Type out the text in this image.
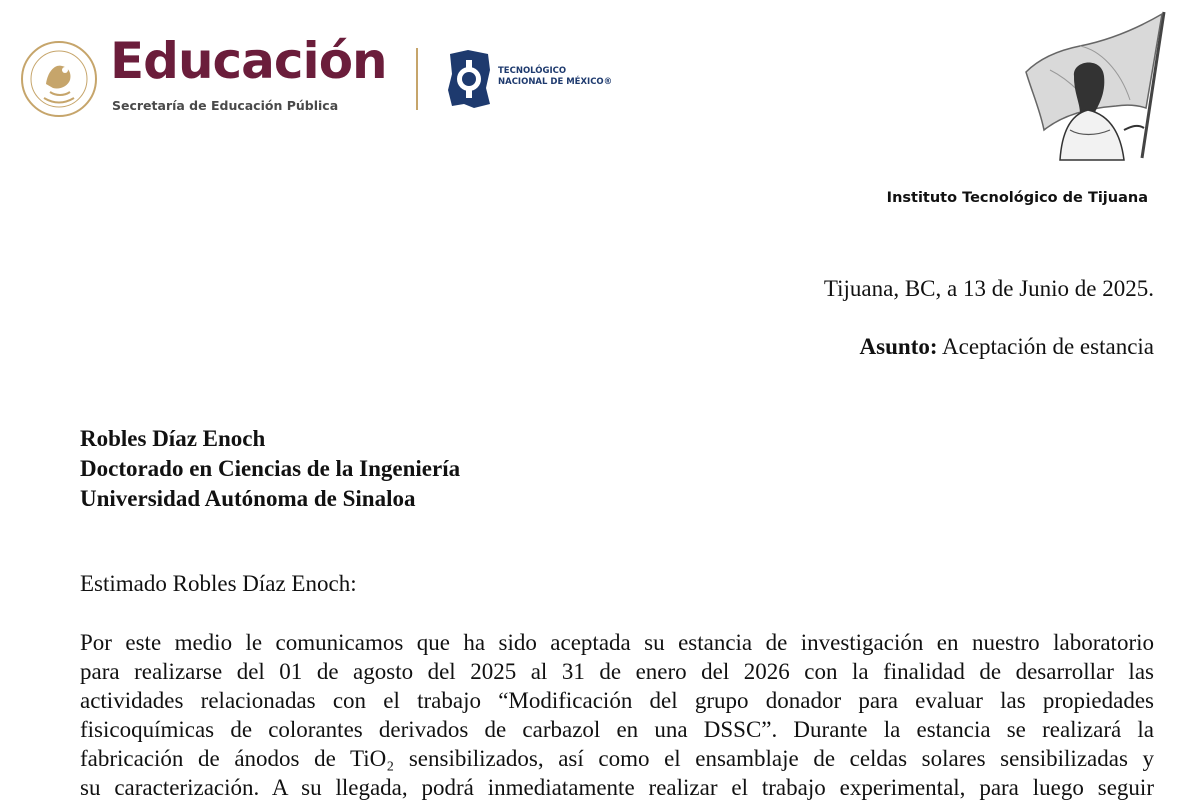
Educación
Secretaría de Educación Pública
TECNOLÓGICO
NACIONAL DE MÉXICO®
Instituto Tecnológico de Tijuana
Tijuana, BC, a 13 de Junio de 2025.
Asunto: Aceptación de estancia
Robles Díaz Enoch
Doctorado en Ciencias de la Ingeniería
Universidad Autónoma de Sinaloa
Estimado Robles Díaz Enoch:
Por este medio le comunicamos que ha sido aceptada su estancia de investigación en nuestro laboratorio
para realizarse del 01 de agosto del 2025 al 31 de enero del 2026 con la finalidad de desarrollar las
actividades relacionadas con el trabajo “Modificación del grupo donador para evaluar las propiedades
fisicoquímicas de colorantes derivados de carbazol en una DSSC”. Durante la estancia se realizará la
fabricación de ánodos de TiO₂ sensibilizados, así como el ensamblaje de celdas solares sensibilizadas y
su caracterización. A su llegada, podrá inmediatamente realizar el trabajo experimental, para luego seguir
